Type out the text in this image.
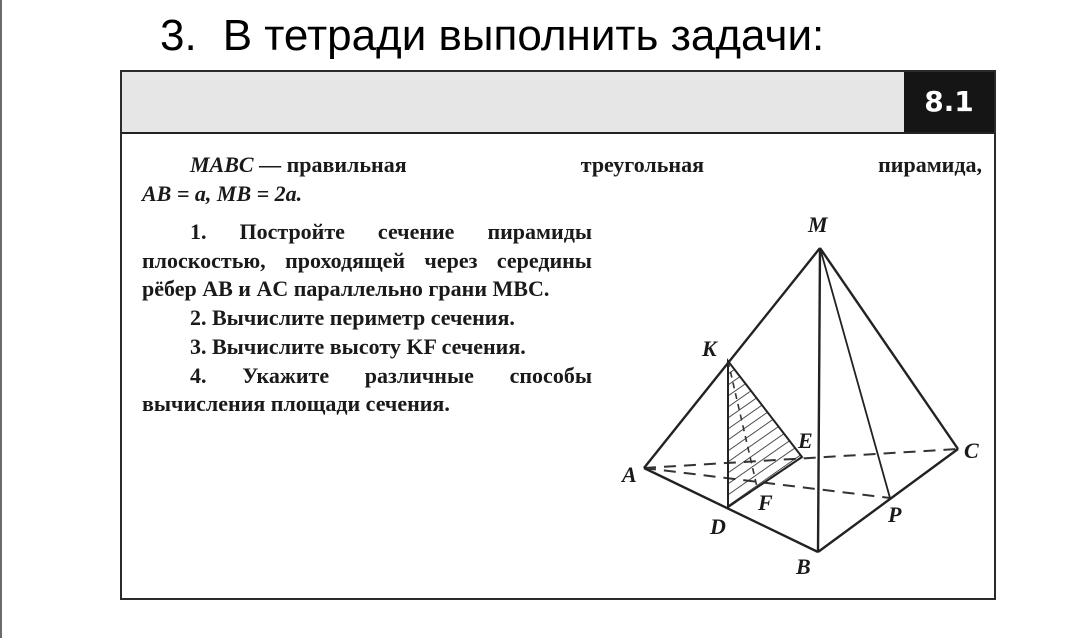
3. В тетради выполнить задачи:
8.1
MABC — правильная	треугольная	пирамида,
AB = a, MB = 2a.

1. Постройте сечение пирамиды плоскостью, проходящей через середины рёбер AB и AC параллельно грани MBC.

2. Вычислите периметр сечения.

3. Вычислите высоту KF сечения.

4. Укажите различные способы вычисления площади сечения.

M
K
E	C
A
F
D	P
B
